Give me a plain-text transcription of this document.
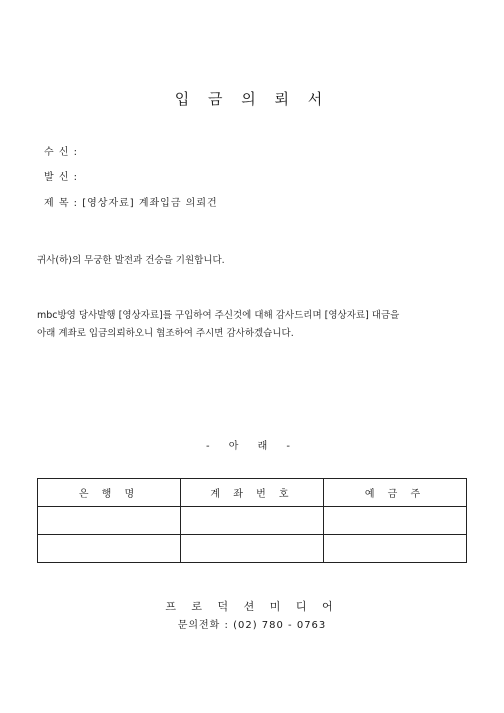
입 금 의 뢰 서
수 신 :
발 신 :
제 목 : [영상자료] 계좌입금 의뢰건
귀사(하)의 무궁한 발전과 건승을 기원합니다.
mbc방영 당사발행 [영상자료]를 구입하여 주신것에 대해 감사드리며 [영상자료] 대금을
아래 계좌로 입금의뢰하오니 협조하여 주시면 감사하겠습니다.
- 아 래 -
은 행 명	계 좌 번 호	예 금 주

프 로 덕 션 미 디 어
문의전화 : (02) 780 - 0763
